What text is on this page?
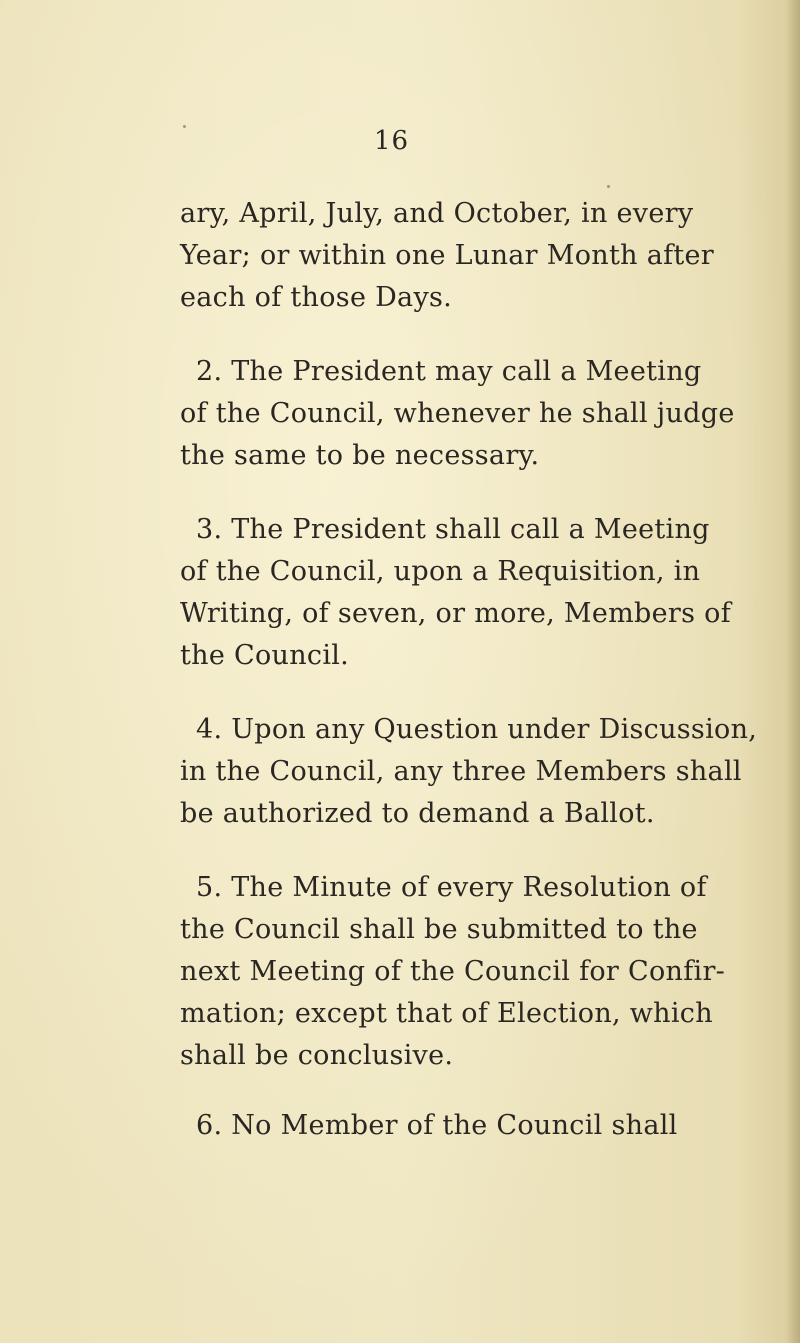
16
ary, April, July, and October, in every
Year; or within one Lunar Month after
each of those Days.
2. The President may call a Meeting
of the Council, whenever he shall judge
the same to be necessary.
3. The President shall call a Meeting
of the Council, upon a Requisition, in
Writing, of seven, or more, Members of
the Council.
4. Upon any Question under Discussion,
in the Council, any three Members shall
be authorized to demand a Ballot.
5. The Minute of every Resolution of
the Council shall be submitted to the
next Meeting of the Council for Confir-
mation; except that of Election, which
shall be conclusive.
6. No Member of the Council shall
